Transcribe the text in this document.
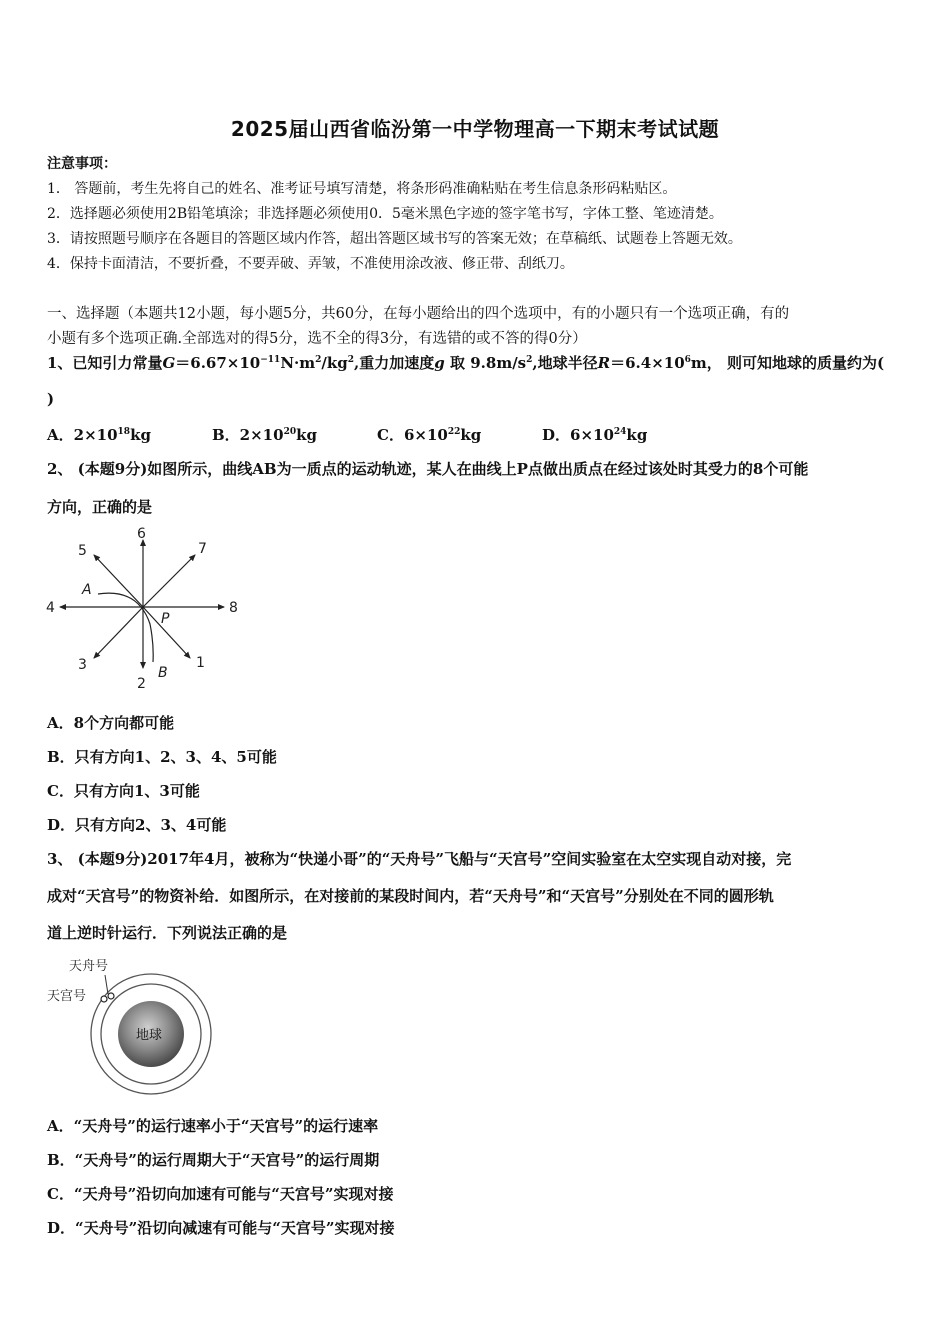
2025届山西省临汾第一中学物理高一下期末考试试题
注意事项：
1． 答题前，考生先将自己的姓名、准考证号填写清楚，将条形码准确粘贴在考生信息条形码粘贴区。
2．选择题必须使用2B铅笔填涂；非选择题必须使用0．5毫米黑色字迹的签字笔书写，字体工整、笔迹清楚。
3．请按照题号顺序在各题目的答题区域内作答，超出答题区域书写的答案无效；在草稿纸、试题卷上答题无效。
4．保持卡面清洁，不要折叠，不要弄破、弄皱，不准使用涂改液、修正带、刮纸刀。
一、选择题（本题共12小题，每小题5分，共60分，在每小题给出的四个选项中，有的小题只有一个选项正确，有的
小题有多个选项正确.全部选对的得5分，选不全的得3分，有选错的或不答的得0分）
1、已知引力常量$G=6.67\times 10^{-11}N\cdot m^2/kg^2$,重力加速度g 取 $9.8m/s^2$,地球半径$R=6.4\times 10^6m$， 则可知地球的质量约为(
)
A．$2\times 10^{18}kg$	B．$2\times 10^{20}kg$	C．$6\times 10^{22}kg$	D．$6\times 10^{24}kg$
2、 (本题9分)如图所示，曲线AB为一质点的运动轨迹，某人在曲线上P点做出质点在经过该处时其受力的8个可能
方向，正确的是
1
2
3
4
5
6
7
8
A
B
P
A．8个方向都可能
B．只有方向1、2、3、4、5可能
C．只有方向1、3可能
D．只有方向2、3、4可能
3、 (本题9分)2017年4月，被称为“快递小哥”的“天舟号”飞船与“天宫号”空间实验室在太空实现自动对接，完
成对“天宫号”的物资补给．如图所示，在对接前的某段时间内，若“天舟号”和“天宫号”分别处在不同的圆形轨
道上逆时针运行．下列说法正确的是
地球
天舟号
天宫号
A．“天舟号”的运行速率小于“天宫号”的运行速率
B．“天舟号”的运行周期大于“天宫号”的运行周期
C．“天舟号”沿切向加速有可能与“天宫号”实现对接
D．“天舟号”沿切向减速有可能与“天宫号”实现对接
